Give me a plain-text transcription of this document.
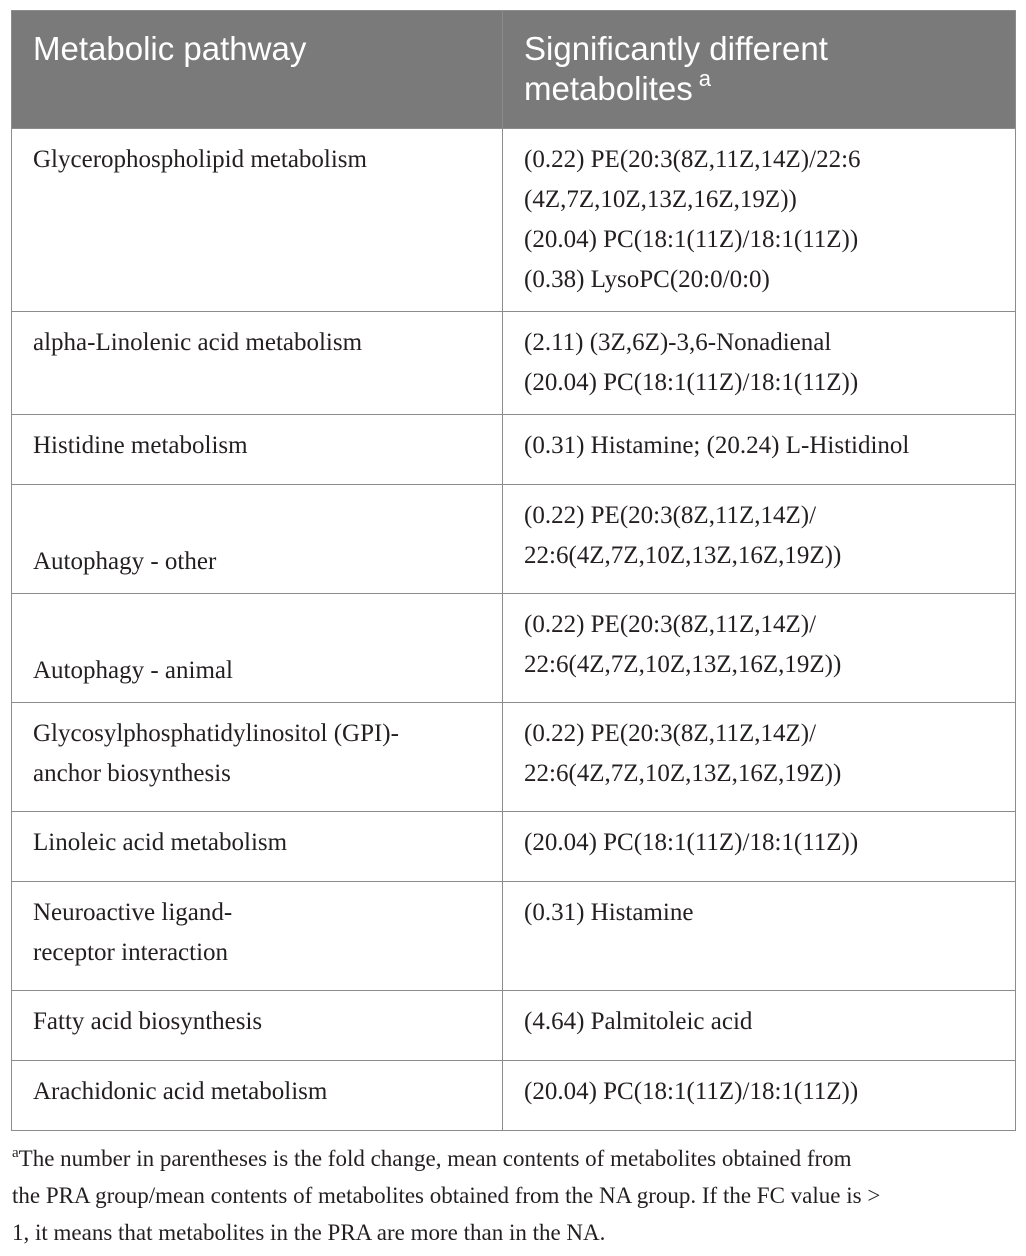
Metabolic pathway	Significantly different
metabolites $^a$

Glycerophospholipid metabolism	(0.22) PE(20:3(8Z,11Z,14Z)/22:6
(4Z,7Z,10Z,13Z,16Z,19Z))
(20.04) PC(18:1(11Z)/18:1(11Z))
(0.38) LysoPC(20:0/0:0)

alpha-Linolenic acid metabolism	(2.11) (3Z,6Z)-3,6-Nonadienal
(20.04) PC(18:1(11Z)/18:1(11Z))

Histidine metabolism	(0.31) Histamine; (20.24) L-Histidinol

Autophagy - other	(0.22) PE(20:3(8Z,11Z,14Z)/
22:6(4Z,7Z,10Z,13Z,16Z,19Z))

Autophagy - animal	(0.22) PE(20:3(8Z,11Z,14Z)/
22:6(4Z,7Z,10Z,13Z,16Z,19Z))

Glycosylphosphatidylinositol (GPI)-
anchor biosynthesis	(0.22) PE(20:3(8Z,11Z,14Z)/
22:6(4Z,7Z,10Z,13Z,16Z,19Z))

Linoleic acid metabolism	(20.04) PC(18:1(11Z)/18:1(11Z))

Neuroactive ligand-
receptor interaction	(0.31) Histamine

Fatty acid biosynthesis	(4.64) Palmitoleic acid

Arachidonic acid metabolism	(20.04) PC(18:1(11Z)/18:1(11Z))
$^a$The number in parentheses is the fold change, mean contents of metabolites obtained from
the PRA group/mean contents of metabolites obtained from the NA group. If the FC value is >
1, it means that metabolites in the PRA are more than in the NA.
